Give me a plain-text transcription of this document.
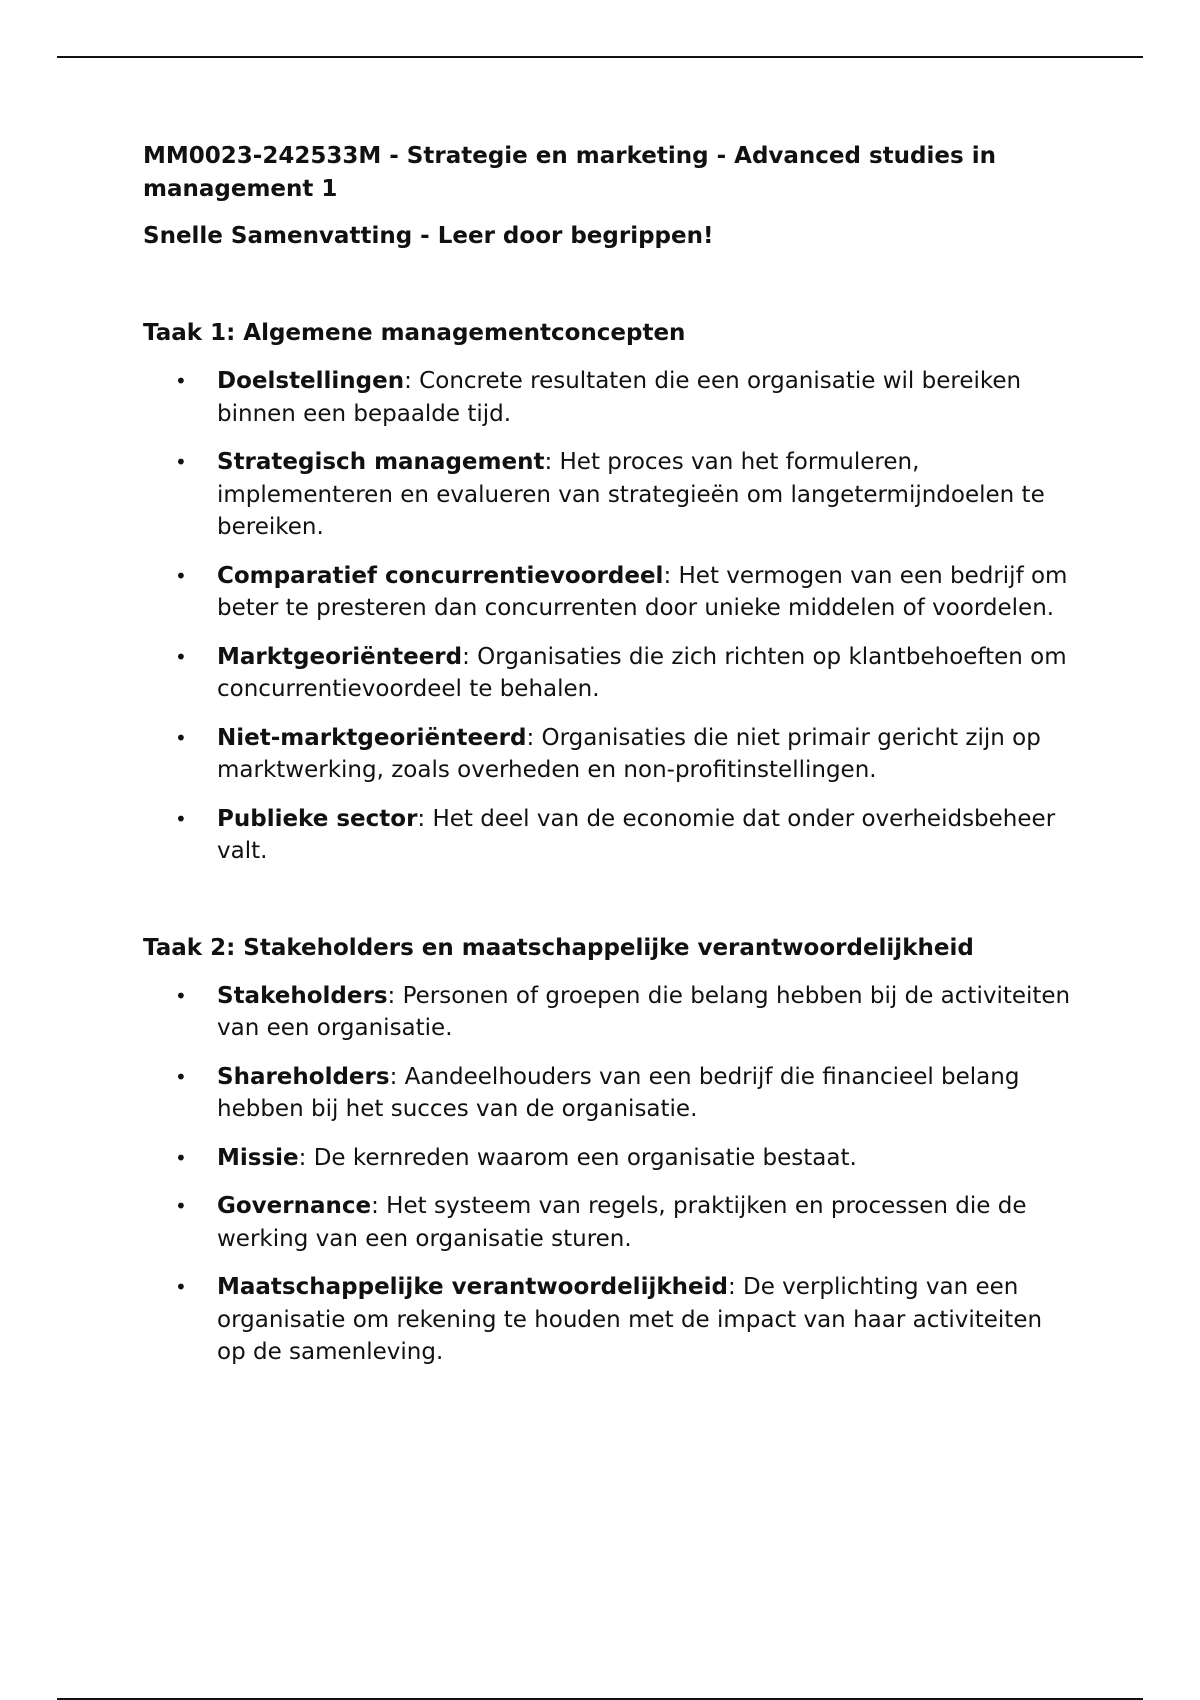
MM0023-242533M - Strategie en marketing - Advanced studies in management 1
Snelle Samenvatting - Leer door begrippen!
Taak 1: Algemene managementconcepten
• Doelstellingen: Concrete resultaten die een organisatie wil bereiken binnen een bepaalde tijd.
• Strategisch management: Het proces van het formuleren, implementeren en evalueren van strategieën om langetermijndoelen te bereiken.
• Comparatief concurrentievoordeel: Het vermogen van een bedrijf om beter te presteren dan concurrenten door unieke middelen of voordelen.
• Marktgeoriënteerd: Organisaties die zich richten op klantbehoeften om concurrentievoordeel te behalen.
• Niet-marktgeoriënteerd: Organisaties die niet primair gericht zijn op marktwerking, zoals overheden en non-profitinstellingen.
• Publieke sector: Het deel van de economie dat onder overheidsbeheer valt.
Taak 2: Stakeholders en maatschappelijke verantwoordelijkheid
• Stakeholders: Personen of groepen die belang hebben bij de activiteiten van een organisatie.
• Shareholders: Aandeelhouders van een bedrijf die financieel belang hebben bij het succes van de organisatie.
• Missie: De kernreden waarom een organisatie bestaat.
• Governance: Het systeem van regels, praktijken en processen die de werking van een organisatie sturen.
• Maatschappelijke verantwoordelijkheid: De verplichting van een organisatie om rekening te houden met de impact van haar activiteiten op de samenleving.
